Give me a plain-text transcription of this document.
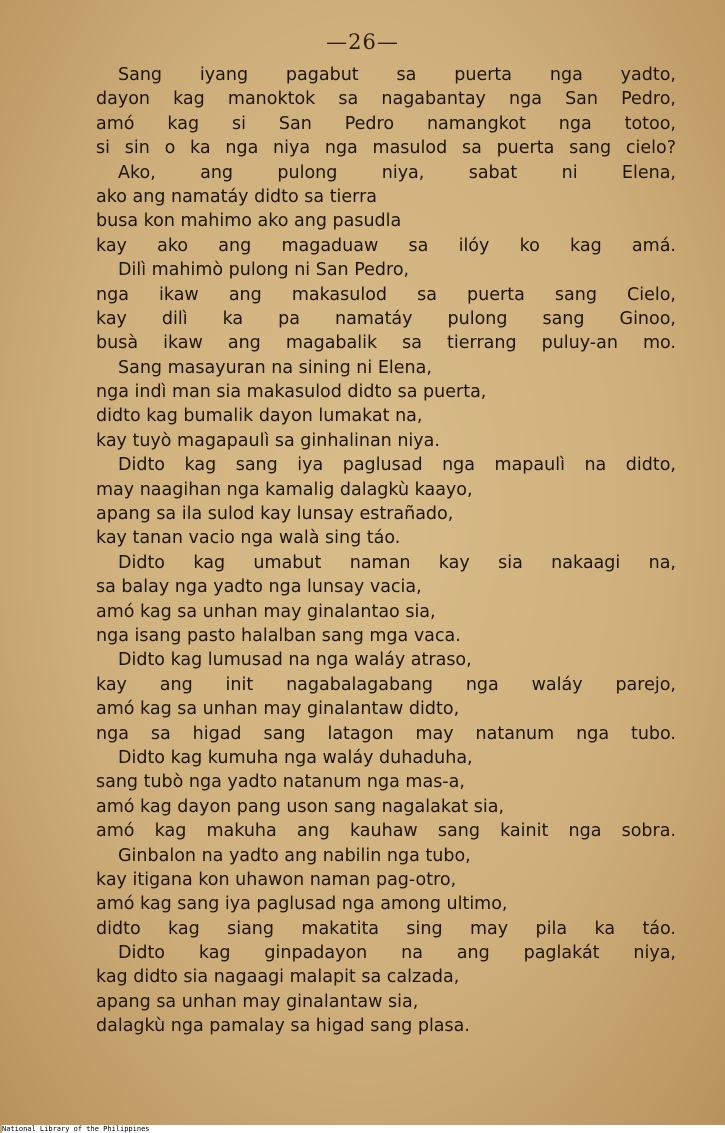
—26—
Sang iyang pagabut sa puerta nga yadto,
dayon kag manoktok sa nagabantay nga San Pedro,
amó kag si San Pedro namangkot nga totoo,
si sin o ka nga niya nga masulod sa puerta sang cielo?
Ako, ang pulong niya, sabat ni Elena,
ako ang namatáy didto sa tierra
busa kon mahimo ako ang pasudla
kay ako ang magaduaw sa ilóy ko kag amá.
Dilì mahimò pulong ni San Pedro,
nga ikaw ang makasulod sa puerta sang Cielo,
kay dilì ka pa namatáy pulong sang Ginoo,
busà ikaw ang magabalik sa tierrang puluy-an mo.
Sang masayuran na sining ni Elena,
nga indì man sia makasulod didto sa puerta,
didto kag bumalik dayon lumakat na,
kay tuyò magapaulì sa ginhalinan niya.
Didto kag sang iya paglusad nga mapaulì na didto,
may naagihan nga kamalig dalagkù kaayo,
apang sa ila sulod kay lunsay estrañado,
kay tanan vacio nga walà sing táo.
Didto kag umabut naman kay sia nakaagi na,
sa balay nga yadto nga lunsay vacia,
amó kag sa unhan may ginalantao sia,
nga isang pasto halalban sang mga vaca.
Didto kag lumusad na nga waláy atraso,
kay ang init nagabalagabang nga waláy parejo,
amó kag sa unhan may ginalantaw didto,
nga sa higad sang latagon may natanum nga tubo.
Didto kag kumuha nga waláy duhaduha,
sang tubò nga yadto natanum nga mas-a,
amó kag dayon pang uson sang nagalakat sia,
amó kag makuha ang kauhaw sang kainit nga sobra.
Ginbalon na yadto ang nabilin nga tubo,
kay itigana kon uhawon naman pag-otro,
amó kag sang iya paglusad nga among ultimo,
didto kag siang makatita sing may pila ka táo.
Didto kag ginpadayon na ang paglakát niya,
kag didto sia nagaagi malapit sa calzada,
apang sa unhan may ginalantaw sia,
dalagkù nga pamalay sa higad sang plasa.
National Library of the Philippines
